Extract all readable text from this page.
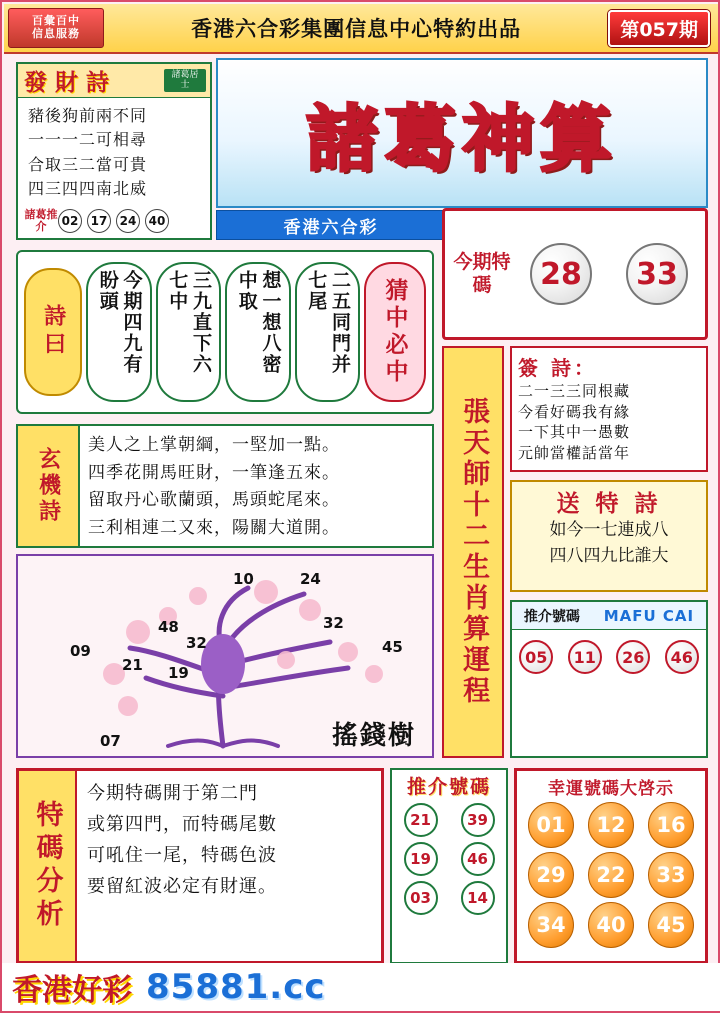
百彙百中
信息服務	香港六合彩集團信息中心特約出品	第057期
發 財 詩	諸葛居士
豬後狗前兩不同
一一一二可相尋
合取三二當可貴
四三四四南北威
諸葛推介	02	17	24	40
諸葛神算
香港六合彩
今期特碼	28	33
猜中必中
詩曰	今期四九有盼頭	三九直下六七中	想一想八密中取	二五同門并七尾
玄機詩
美人之上掌朝綱，一堅加一點。
四季花開馬旺財，一筆逢五來。
留取丹心歌蘭頭，馬頭蛇尾來。
三利相連二又來，陽關大道開。
10	24
48	32
32	45
09
21 19
07	搖錢樹
張天師十二生肖算運程
簽 詩：
二一三三同根藏
今看好碼我有緣
一下其中一愚數
元帥當權話當年
送 特 詩
如今一七連成八
四八四九比誰大
推介號碼 MAFU CAI
05	11	26	46
特碼分析
今期特碼開于第二門
或第四門，而特碼尾數
可吼住一尾，特碼色波
要留紅波必定有財運。
推介號碼
21	39
19	46
03	14
幸運號碼大啓示
01	12	16
29	22	33
34	40	45
香港好彩 85881.cc
